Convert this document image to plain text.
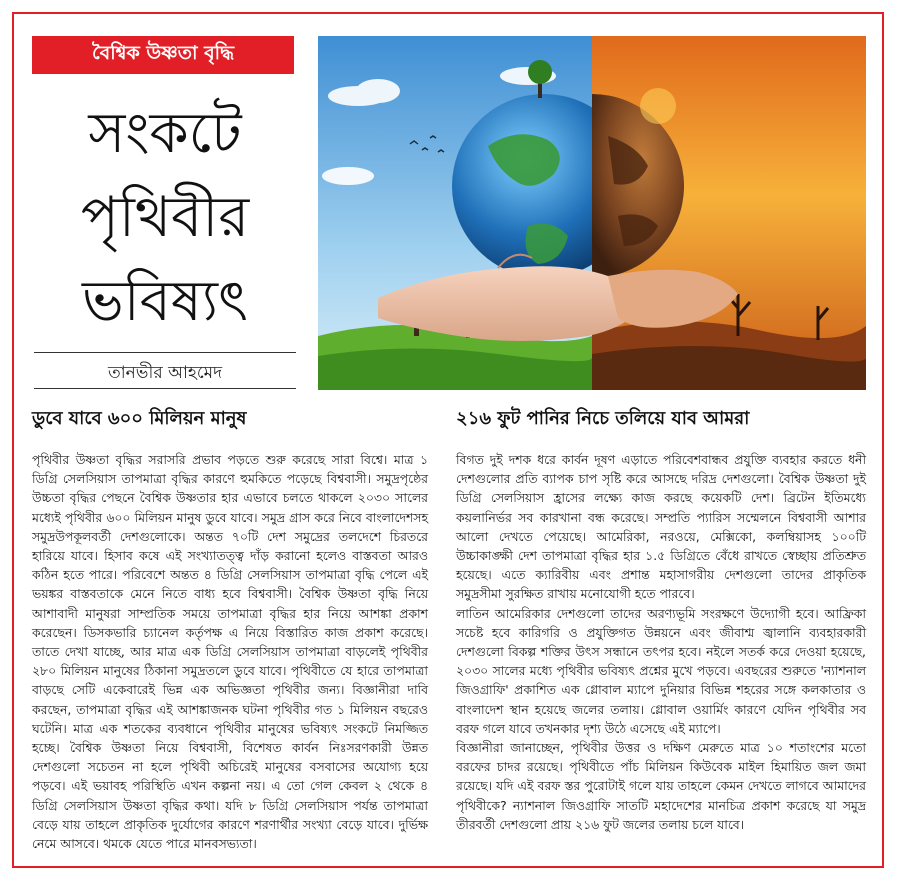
বৈশ্বিক উষ্ণতা বৃদ্ধি
সংকটে
পৃথিবীর
ভবিষ্যৎ
তানভীর আহমেদ
ডুবে যাবে ৬০০ মিলিয়ন মানুষ	২১৬ ফুট পানির নিচে তলিয়ে যাব আমরা

পৃথিবীর উষ্ণতা বৃদ্ধির সরাসরি প্রভাব পড়তে শুরু করেছে সারা বিশ্বে। মাত্র ১ ডিগ্রি সেলসিয়াস তাপমাত্রা বৃদ্ধির কারণে হুমকিতে পড়েছে বিশ্ববাসী। সমুদ্রপৃষ্ঠের উচ্চতা বৃদ্ধির পেছনে বৈশ্বিক উষ্ণতার হার এভাবে চলতে থাকলে ২০৩০ সালের মধ্যেই পৃথিবীর ৬০০ মিলিয়ন মানুষ ডুবে যাবে। সমুদ্র গ্রাস করে নিবে বাংলাদেশসহ সমুদ্রউপকূলবর্তী দেশগুলোকে। অন্তত ৭০টি দেশ সমুদ্রের তলদেশে চিরতরে হারিয়ে যাবে। হিসাব কষে এই সংখ্যাতত্ত্ব দাঁড় করানো হলেও বাস্তবতা আরও কঠিন হতে পারে। পরিবেশে অন্তত ৪ ডিগ্রি সেলসিয়াস তাপমাত্রা বৃদ্ধি পেলে এই ভয়ঙ্কর বাস্তবতাকে মেনে নিতে বাধ্য হবে বিশ্ববাসী। বৈশ্বিক উষ্ণতা বৃদ্ধি নিয়ে আশাবাদী মানুষরা সাম্প্রতিক সময়ে তাপমাত্রা বৃদ্ধির হার নিয়ে আশঙ্কা প্রকাশ করেছেন। ডিসকভারি চ্যানেল কর্তৃপক্ষ এ নিয়ে বিস্তারিত কাজ প্রকাশ করেছে। তাতে দেখা যাচ্ছে, আর মাত্র এক ডিগ্রি সেলসিয়াস তাপমাত্রা বাড়লেই পৃথিবীর ২৮০ মিলিয়ন মানুষের ঠিকানা সমুদ্রতলে ডুবে যাবে। পৃথিবীতে যে হারে তাপমাত্রা বাড়ছে সেটি একেবারেই ভিন্ন এক অভিজ্ঞতা পৃথিবীর জন্য। বিজ্ঞানীরা দাবি করছেন, তাপমাত্রা বৃদ্ধির এই আশঙ্কাজনক ঘটনা পৃথিবীর গত ১ মিলিয়ন বছরেও ঘটেনি। মাত্র এক শতকের ব্যবধানে পৃথিবীর মানুষের ভবিষ্যৎ সংকটে নিমজ্জিত হচ্ছে। বৈশ্বিক উষ্ণতা নিয়ে বিশ্ববাসী, বিশেষত কার্বন নিঃসরণকারী উন্নত দেশগুলো সচেতন না হলে পৃথিবী অচিরেই মানুষের বসবাসের অযোগ্য হয়ে পড়বে। এই ভয়াবহ পরিস্থিতি এখন কল্পনা নয়। এ তো গেল কেবল ২ থেকে ৪ ডিগ্রি সেলসিয়াস উষ্ণতা বৃদ্ধির কথা। যদি ৮ ডিগ্রি সেলসিয়াস পর্যন্ত তাপমাত্রা বেড়ে যায় তাহলে প্রাকৃতিক দুর্যোগের কারণে শরণার্থীর সংখ্যা বেড়ে যাবে। দুর্ভিক্ষ নেমে আসবে। থমকে যেতে পারে মানবসভ্যতা।

বিগত দুই দশক ধরে কার্বন দূষণ এড়াতে পরিবেশবান্ধব প্রযুক্তি ব্যবহার করতে ধনী দেশগুলোর প্রতি ব্যাপক চাপ সৃষ্টি করে আসছে দরিদ্র দেশগুলো। বৈশ্বিক উষ্ণতা দুই ডিগ্রি সেলসিয়াস হ্রাসের লক্ষ্যে কাজ করছে কয়েকটি দেশ। ব্রিটেন ইতিমধ্যে কয়লানির্ভর সব কারখানা বন্ধ করেছে। সম্প্রতি প্যারিস সম্মেলনে বিশ্ববাসী আশার আলো দেখতে পেয়েছে। আমেরিকা, নরওয়ে, মেক্সিকো, কলম্বিয়াসহ ১০০টি উচ্চাকাঙ্ক্ষী দেশ তাপমাত্রা বৃদ্ধির হার ১.৫ ডিগ্রিতে বেঁধে রাখতে স্বেচ্ছায় প্রতিশ্রুত হয়েছে। এতে ক্যারিবীয় এবং প্রশান্ত মহাসাগরীয় দেশগুলো তাদের প্রাকৃতিক সমুদ্রসীমা সুরক্ষিত রাখায় মনোযোগী হতে পারবে।

লাতিন আমেরিকার দেশগুলো তাদের অরণ্যভূমি সংরক্ষণে উদ্যোগী হবে। আফ্রিকা সচেষ্ট হবে কারিগরি ও প্রযুক্তিগত উন্নয়নে এবং জীবাশ্ম জ্বালানি ব্যবহারকারী দেশগুলো বিকল্প শক্তির উৎস সন্ধানে তৎপর হবে। নইলে সতর্ক করে দেওয়া হয়েছে, ২০৩০ সালের মধ্যে পৃথিবীর ভবিষ্যৎ প্রশ্নের মুখে পড়বে। এবছরের শুরুতে 'ন্যাশনাল জিওগ্রাফি' প্রকাশিত এক গ্লোবাল ম্যাপে দুনিয়ার বিভিন্ন শহরের সঙ্গে কলকাতার ও বাংলাদেশ স্থান হয়েছে জলের তলায়। গ্লোবাল ওয়ার্মিং কারণে যেদিন পৃথিবীর সব বরফ গলে যাবে তখনকার দৃশ্য উঠে এসেছে এই ম্যাপে।

বিজ্ঞানীরা জানাচ্ছেন, পৃথিবীর উত্তর ও দক্ষিণ মেরুতে মাত্র ১০ শতাংশের মতো বরফের চাদর রয়েছে। পৃথিবীতে পাঁচ মিলিয়ন কিউবেক মাইল হিমায়িত জল জমা রয়েছে। যদি এই বরফ স্তর পুরোটাই গলে যায় তাহলে কেমন দেখতে লাগবে আমাদের পৃথিবীকে? ন্যাশনাল জিওগ্রাফি সাতটি মহাদেশের মানচিত্র প্রকাশ করেছে যা সমুদ্র তীরবর্তী দেশগুলো প্রায় ২১৬ ফুট জলের তলায় চলে যাবে।
